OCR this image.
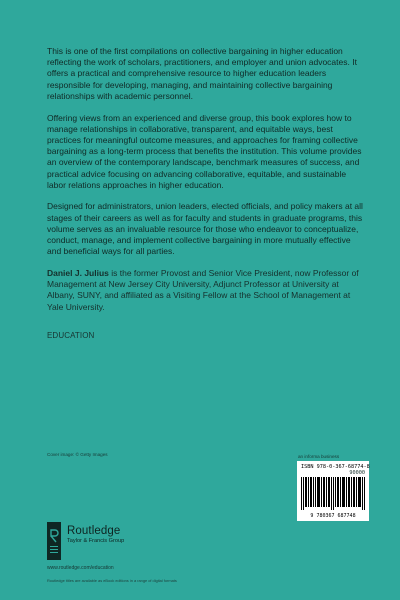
This is one of the first compilations on collective bargaining in higher education reflecting the work of scholars, practitioners, and employer and union advocates. It offers a practical and comprehensive resource to higher education leaders responsible for developing, managing, and maintaining collective bargaining relationships with academic personnel.

Offering views from an experienced and diverse group, this book explores how to manage relationships in collaborative, transparent, and equitable ways, best practices for meaningful outcome measures, and approaches for framing collective bargaining as a long-term process that benefits the institution. This volume provides an overview of the contemporary landscape, benchmark measures of success, and practical advice focusing on advancing collaborative, equitable, and sustainable labor relations approaches in higher education.

Designed for administrators, union leaders, elected officials, and policy makers at all stages of their careers as well as for faculty and students in graduate programs, this volume serves as an invaluable resource for those who endeavor to conceptualize, conduct, manage, and implement collective bargaining in more mutually effective and beneficial ways for all parties.

Daniel J. Julius is the former Provost and Senior Vice President, now Professor of Management at New Jersey City University, Adjunct Professor at University at Albany, SUNY, and affiliated as a Visiting Fellow at the School of Management at Yale University.

EDUCATION
Cover image: © Getty Images	an informa business
ISBN 978-0-367-68774-8
90000
9 780367 687748
Routledge
Taylor & Francis Group
www.routledge.com/education
Routledge titles are available as eBook editions in a range of digital formats
